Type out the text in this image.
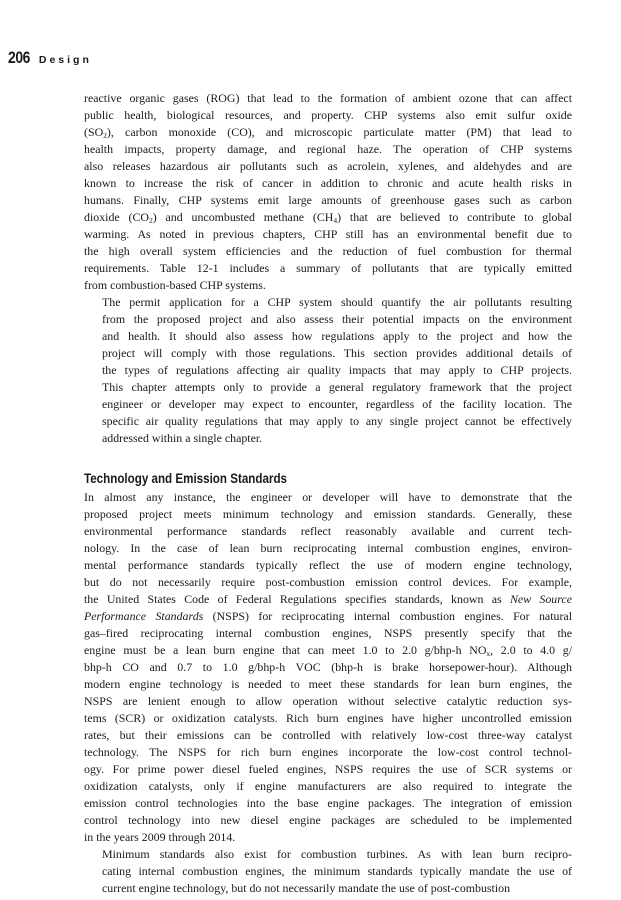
206 Design

reactive organic gases (ROG) that lead to the formation of ambient ozone that can affect
public health, biological resources, and property. CHP systems also emit sulfur oxide
$(SO_2)$, carbon monoxide (CO), and microscopic particulate matter (PM) that lead to
health impacts, property damage, and regional haze. The operation of CHP systems
also releases hazardous air pollutants such as acrolein, xylenes, and aldehydes and are
known to increase the risk of cancer in addition to chronic and acute health risks in
humans. Finally, CHP systems emit large amounts of greenhouse gases such as carbon
dioxide $(CO_2)$ and uncombusted methane $(CH_4)$ that are believed to contribute to global
warming. As noted in previous chapters, CHP still has an environmental benefit due to
the high overall system efficiencies and the reduction of fuel combustion for thermal
requirements. Table 12-1 includes a summary of pollutants that are typically emitted
from combustion-based CHP systems.

The permit application for a CHP system should quantify the air pollutants resulting
from the proposed project and also assess their potential impacts on the environment
and health. It should also assess how regulations apply to the project and how the
project will comply with those regulations. This section provides additional details of
the types of regulations affecting air quality impacts that may apply to CHP projects.
This chapter attempts only to provide a general regulatory framework that the project
engineer or developer may expect to encounter, regardless of the facility location. The
specific air quality regulations that may apply to any single project cannot be effectively
addressed within a single chapter.

Technology and Emission Standards

In almost any instance, the engineer or developer will have to demonstrate that the
proposed project meets minimum technology and emission standards. Generally, these
environmental performance standards reflect reasonably available and current tech-
nology. In the case of lean burn reciprocating internal combustion engines, environ-
mental performance standards typically reflect the use of modern engine technology,
but do not necessarily require post-combustion emission control devices. For example,
the United States Code of Federal Regulations specifies standards, known as New Source
Performance Standards (NSPS) for reciprocating internal combustion engines. For natural
gas–fired reciprocating internal combustion engines, NSPS presently specify that the
engine must be a lean burn engine that can meet 1.0 to 2.0 g/bhp-h $NO_x$, 2.0 to 4.0 g/
bhp-h CO and 0.7 to 1.0 g/bhp-h VOC (bhp-h is brake horsepower-hour). Although
modern engine technology is needed to meet these standards for lean burn engines, the
NSPS are lenient enough to allow operation without selective catalytic reduction sys-
tems (SCR) or oxidization catalysts. Rich burn engines have higher uncontrolled emission
rates, but their emissions can be controlled with relatively low-cost three-way catalyst
technology. The NSPS for rich burn engines incorporate the low-cost control technol-
ogy. For prime power diesel fueled engines, NSPS requires the use of SCR systems or
oxidization catalysts, only if engine manufacturers are also required to integrate the
emission control technologies into the base engine packages. The integration of emission
control technology into new diesel engine packages are scheduled to be implemented
in the years 2009 through 2014.

Minimum standards also exist for combustion turbines. As with lean burn recipro-
cating internal combustion engines, the minimum standards typically mandate the use of
current engine technology, but do not necessarily mandate the use of post-combustion
